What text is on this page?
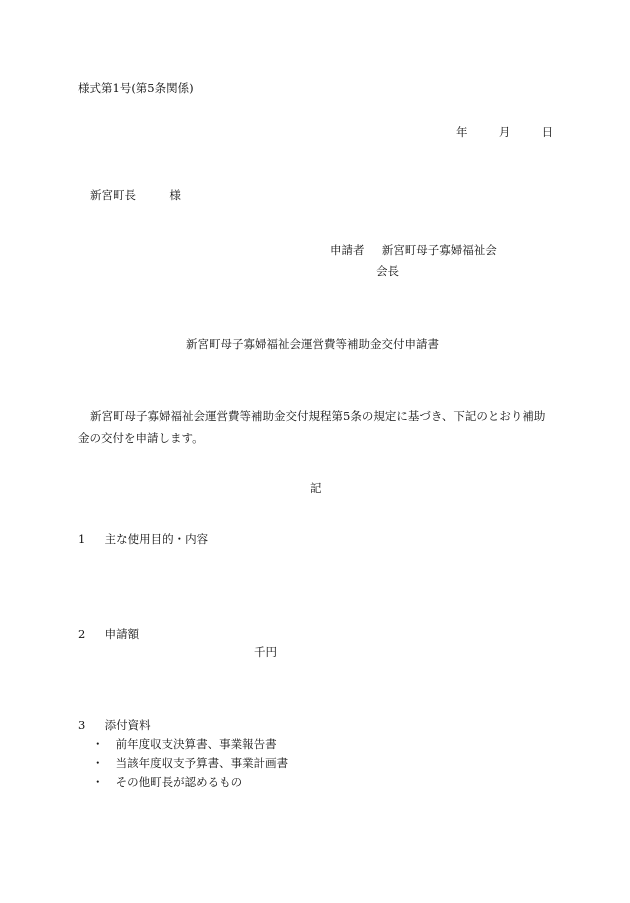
様式第1号(第5条関係)
年	月	日
新宮町長	様
申請者 新宮町母子寡婦福祉会
会長
新宮町母子寡婦福祉会運営費等補助金交付申請書
新宮町母子寡婦福祉会運営費等補助金交付規程第5条の規定に基づき、下記のとおり補助金の交付を申請します。
記
1 主な使用目的・内容
2 申請額
千円
3 添付資料
・ 前年度収支決算書、事業報告書
・ 当該年度収支予算書、事業計画書
・ その他町長が認めるもの
